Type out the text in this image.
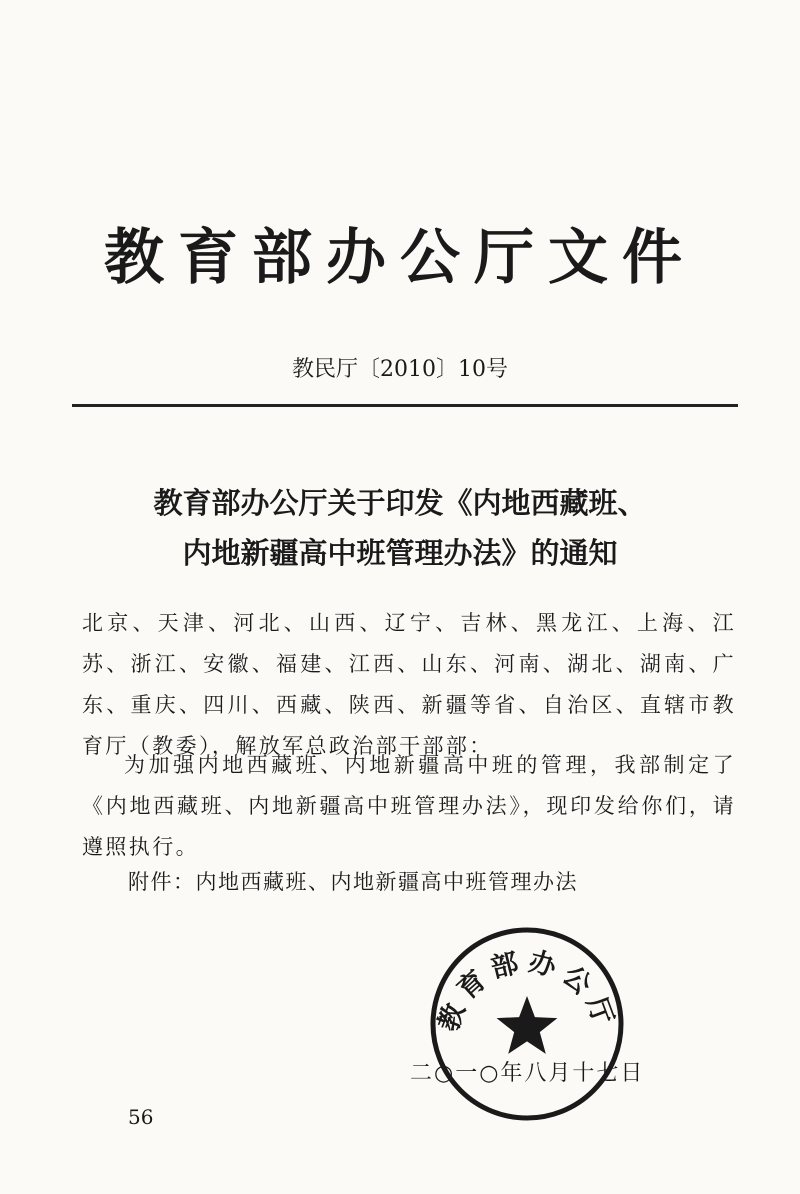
教育部办公厅文件
教民厅〔2010〕10号
教育部办公厅关于印发《内地西藏班、
内地新疆高中班管理办法》的通知
北京、天津、河北、山西、辽宁、吉林、黑龙江、上海、江苏、浙江、安徽、福建、江西、山东、河南、湖北、湖南、广东、重庆、四川、西藏、陕西、新疆等省、自治区、直辖市教育厅（教委），解放军总政治部干部部：
为加强内地西藏班、内地新疆高中班的管理，我部制定了《内地西藏班、内地新疆高中班管理办法》，现印发给你们，请遵照执行。
附件：内地西藏班、内地新疆高中班管理办法
教育部办公厅
二○一○年八月十七日
56
